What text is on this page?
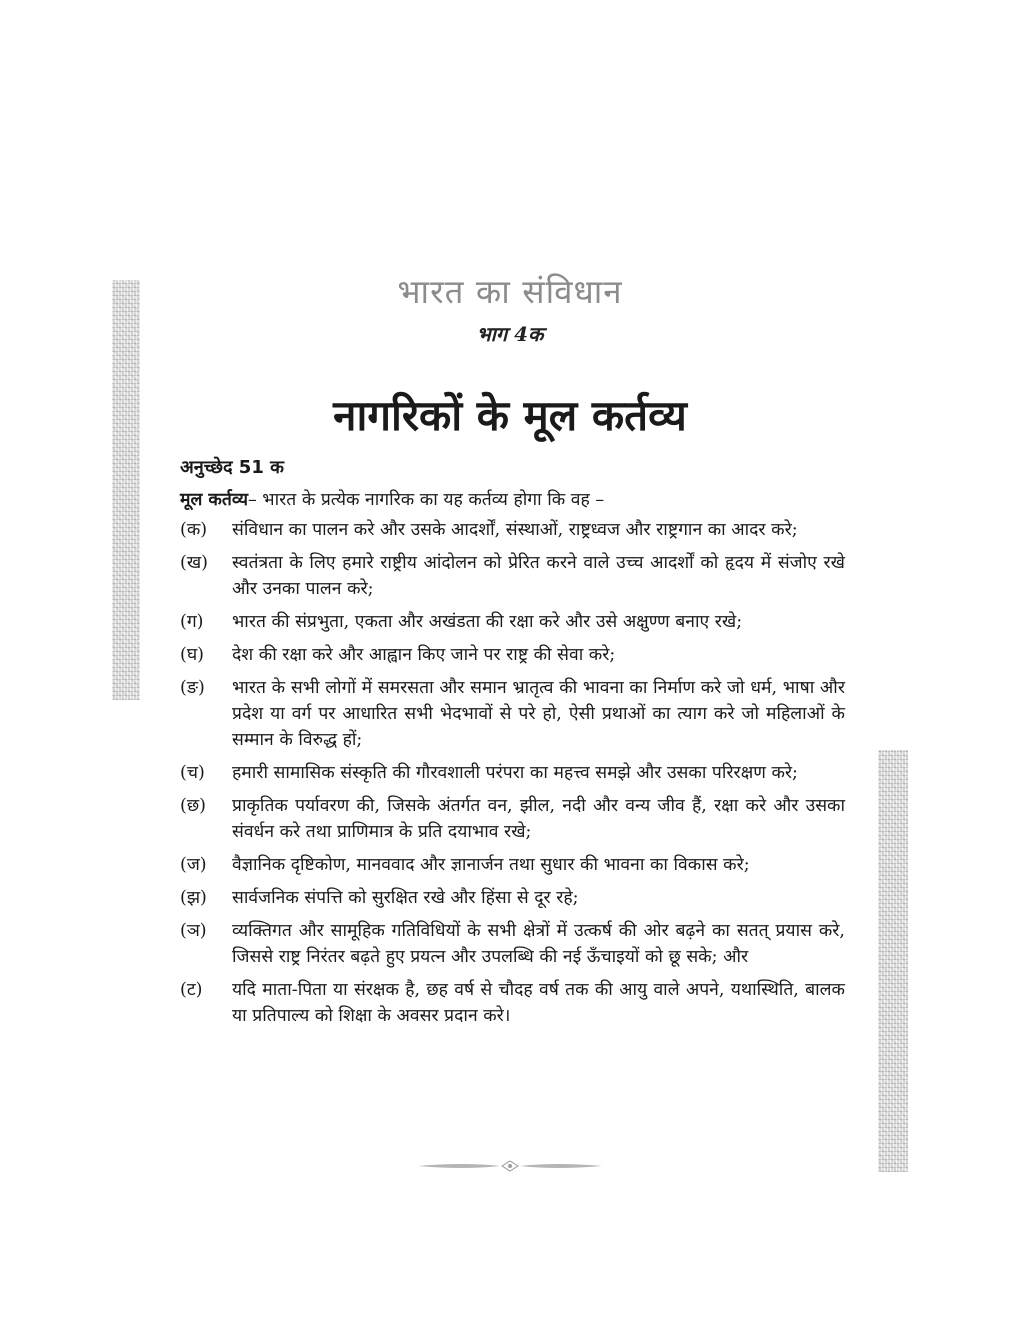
भारत का संविधान
भाग 4क
नागरिकों के मूल कर्तव्य
अनुच्छेद 51 क
मूल कर्तव्य– भारत के प्रत्येक नागरिक का यह कर्तव्य होगा कि वह –
(क)	संविधान का पालन करे और उसके आदर्शों, संस्थाओं, राष्ट्रध्वज और राष्ट्रगान का आदर करे;
(ख)	स्वतंत्रता के लिए हमारे राष्ट्रीय आंदोलन को प्रेरित करने वाले उच्च आदर्शों को हृदय में संजोए रखे और उनका पालन करे;
(ग)	भारत की संप्रभुता, एकता और अखंडता की रक्षा करे और उसे अक्षुण्ण बनाए रखे;
(घ)	देश की रक्षा करे और आह्वान किए जाने पर राष्ट्र की सेवा करे;
(ङ)	भारत के सभी लोगों में समरसता और समान भ्रातृत्व की भावना का निर्माण करे जो धर्म, भाषा और प्रदेश या वर्ग पर आधारित सभी भेदभावों से परे हो, ऐसी प्रथाओं का त्याग करे जो महिलाओं के सम्मान के विरुद्ध हों;
(च)	हमारी सामासिक संस्कृति की गौरवशाली परंपरा का महत्त्व समझे और उसका परिरक्षण करे;
(छ)	प्राकृतिक पर्यावरण की, जिसके अंतर्गत वन, झील, नदी और वन्य जीव हैं, रक्षा करे और उसका संवर्धन करे तथा प्राणिमात्र के प्रति दयाभाव रखे;
(ज)	वैज्ञानिक दृष्टिकोण, मानववाद और ज्ञानार्जन तथा सुधार की भावना का विकास करे;
(झ)	सार्वजनिक संपत्ति को सुरक्षित रखे और हिंसा से दूर रहे;
(ञ)	व्यक्तिगत और सामूहिक गतिविधियों के सभी क्षेत्रों में उत्कर्ष की ओर बढ़ने का सतत् प्रयास करे, जिससे राष्ट्र निरंतर बढ़ते हुए प्रयत्न और उपलब्धि की नई ऊँचाइयों को छू सके; और
(ट)	यदि माता-पिता या संरक्षक है, छह वर्ष से चौदह वर्ष तक की आयु वाले अपने, यथास्थिति, बालक या प्रतिपाल्य को शिक्षा के अवसर प्रदान करे।
